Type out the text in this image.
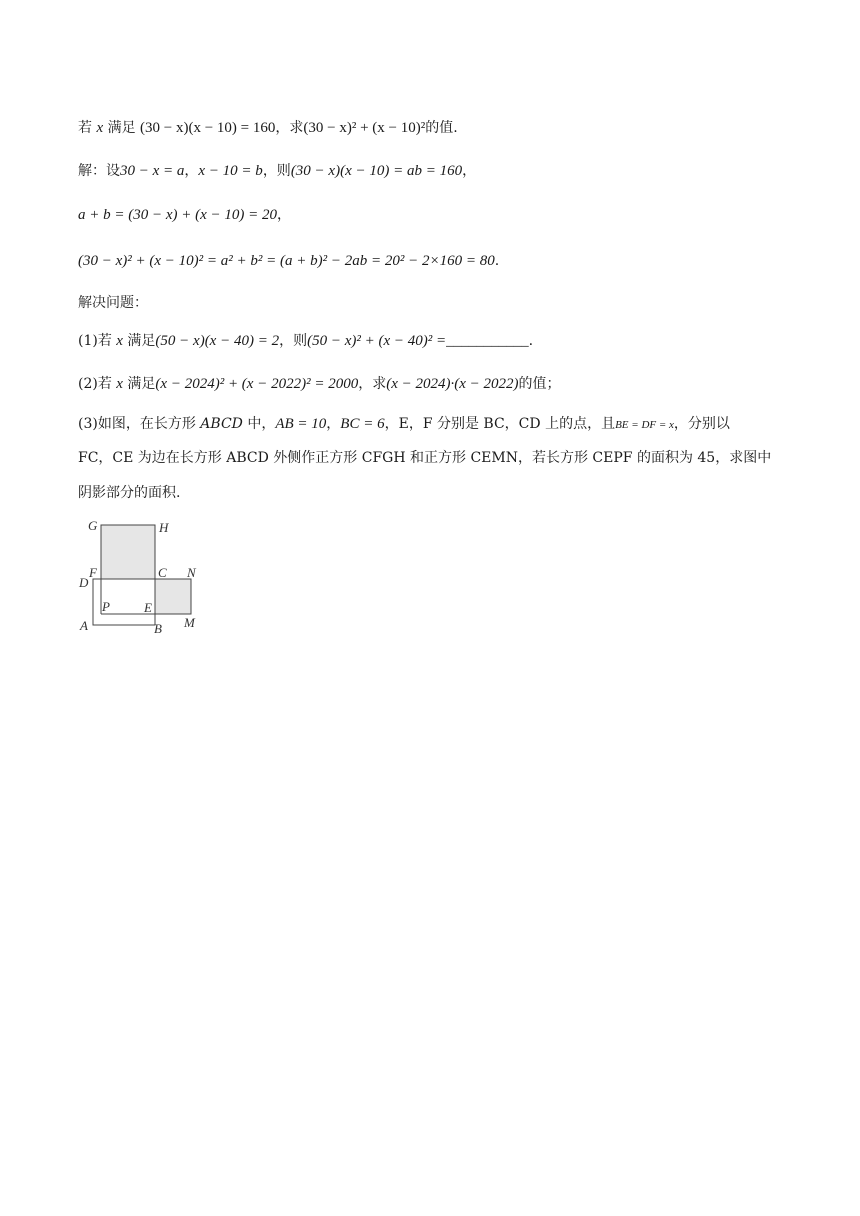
若 x 满足 (30 − x)(x − 10) = 160，求(30 − x)² + (x − 10)²的值.
解：设30 − x = a，x − 10 = b，则(30 − x)(x − 10) = ab = 160，
a + b = (30 − x) + (x − 10) = 20，
(30 − x)² + (x − 10)² = a² + b² = (a + b)² − 2ab = 20² − 2×160 = 80.
解决问题：
(1)若 x 满足(50 − x)(x − 40) = 2，则(50 − x)² + (x − 40)² =___________.
(2)若 x 满足(x − 2024)² + (x − 2022)² = 2000，求(x − 2024)·(x − 2022)的值；
(3)如图，在长方形 ABCD 中，AB = 10，BC = 6，E，F 分别是 BC，CD 上的点，且BE = DF = x，分别以
FC，CE 为边在长方形 ABCD 外侧作正方形 CFGH 和正方形 CEMN，若长方形 CEPF 的面积为 45，求图中
阴影部分的面积.
G	H
F	C N
D
P	E
A	B M
